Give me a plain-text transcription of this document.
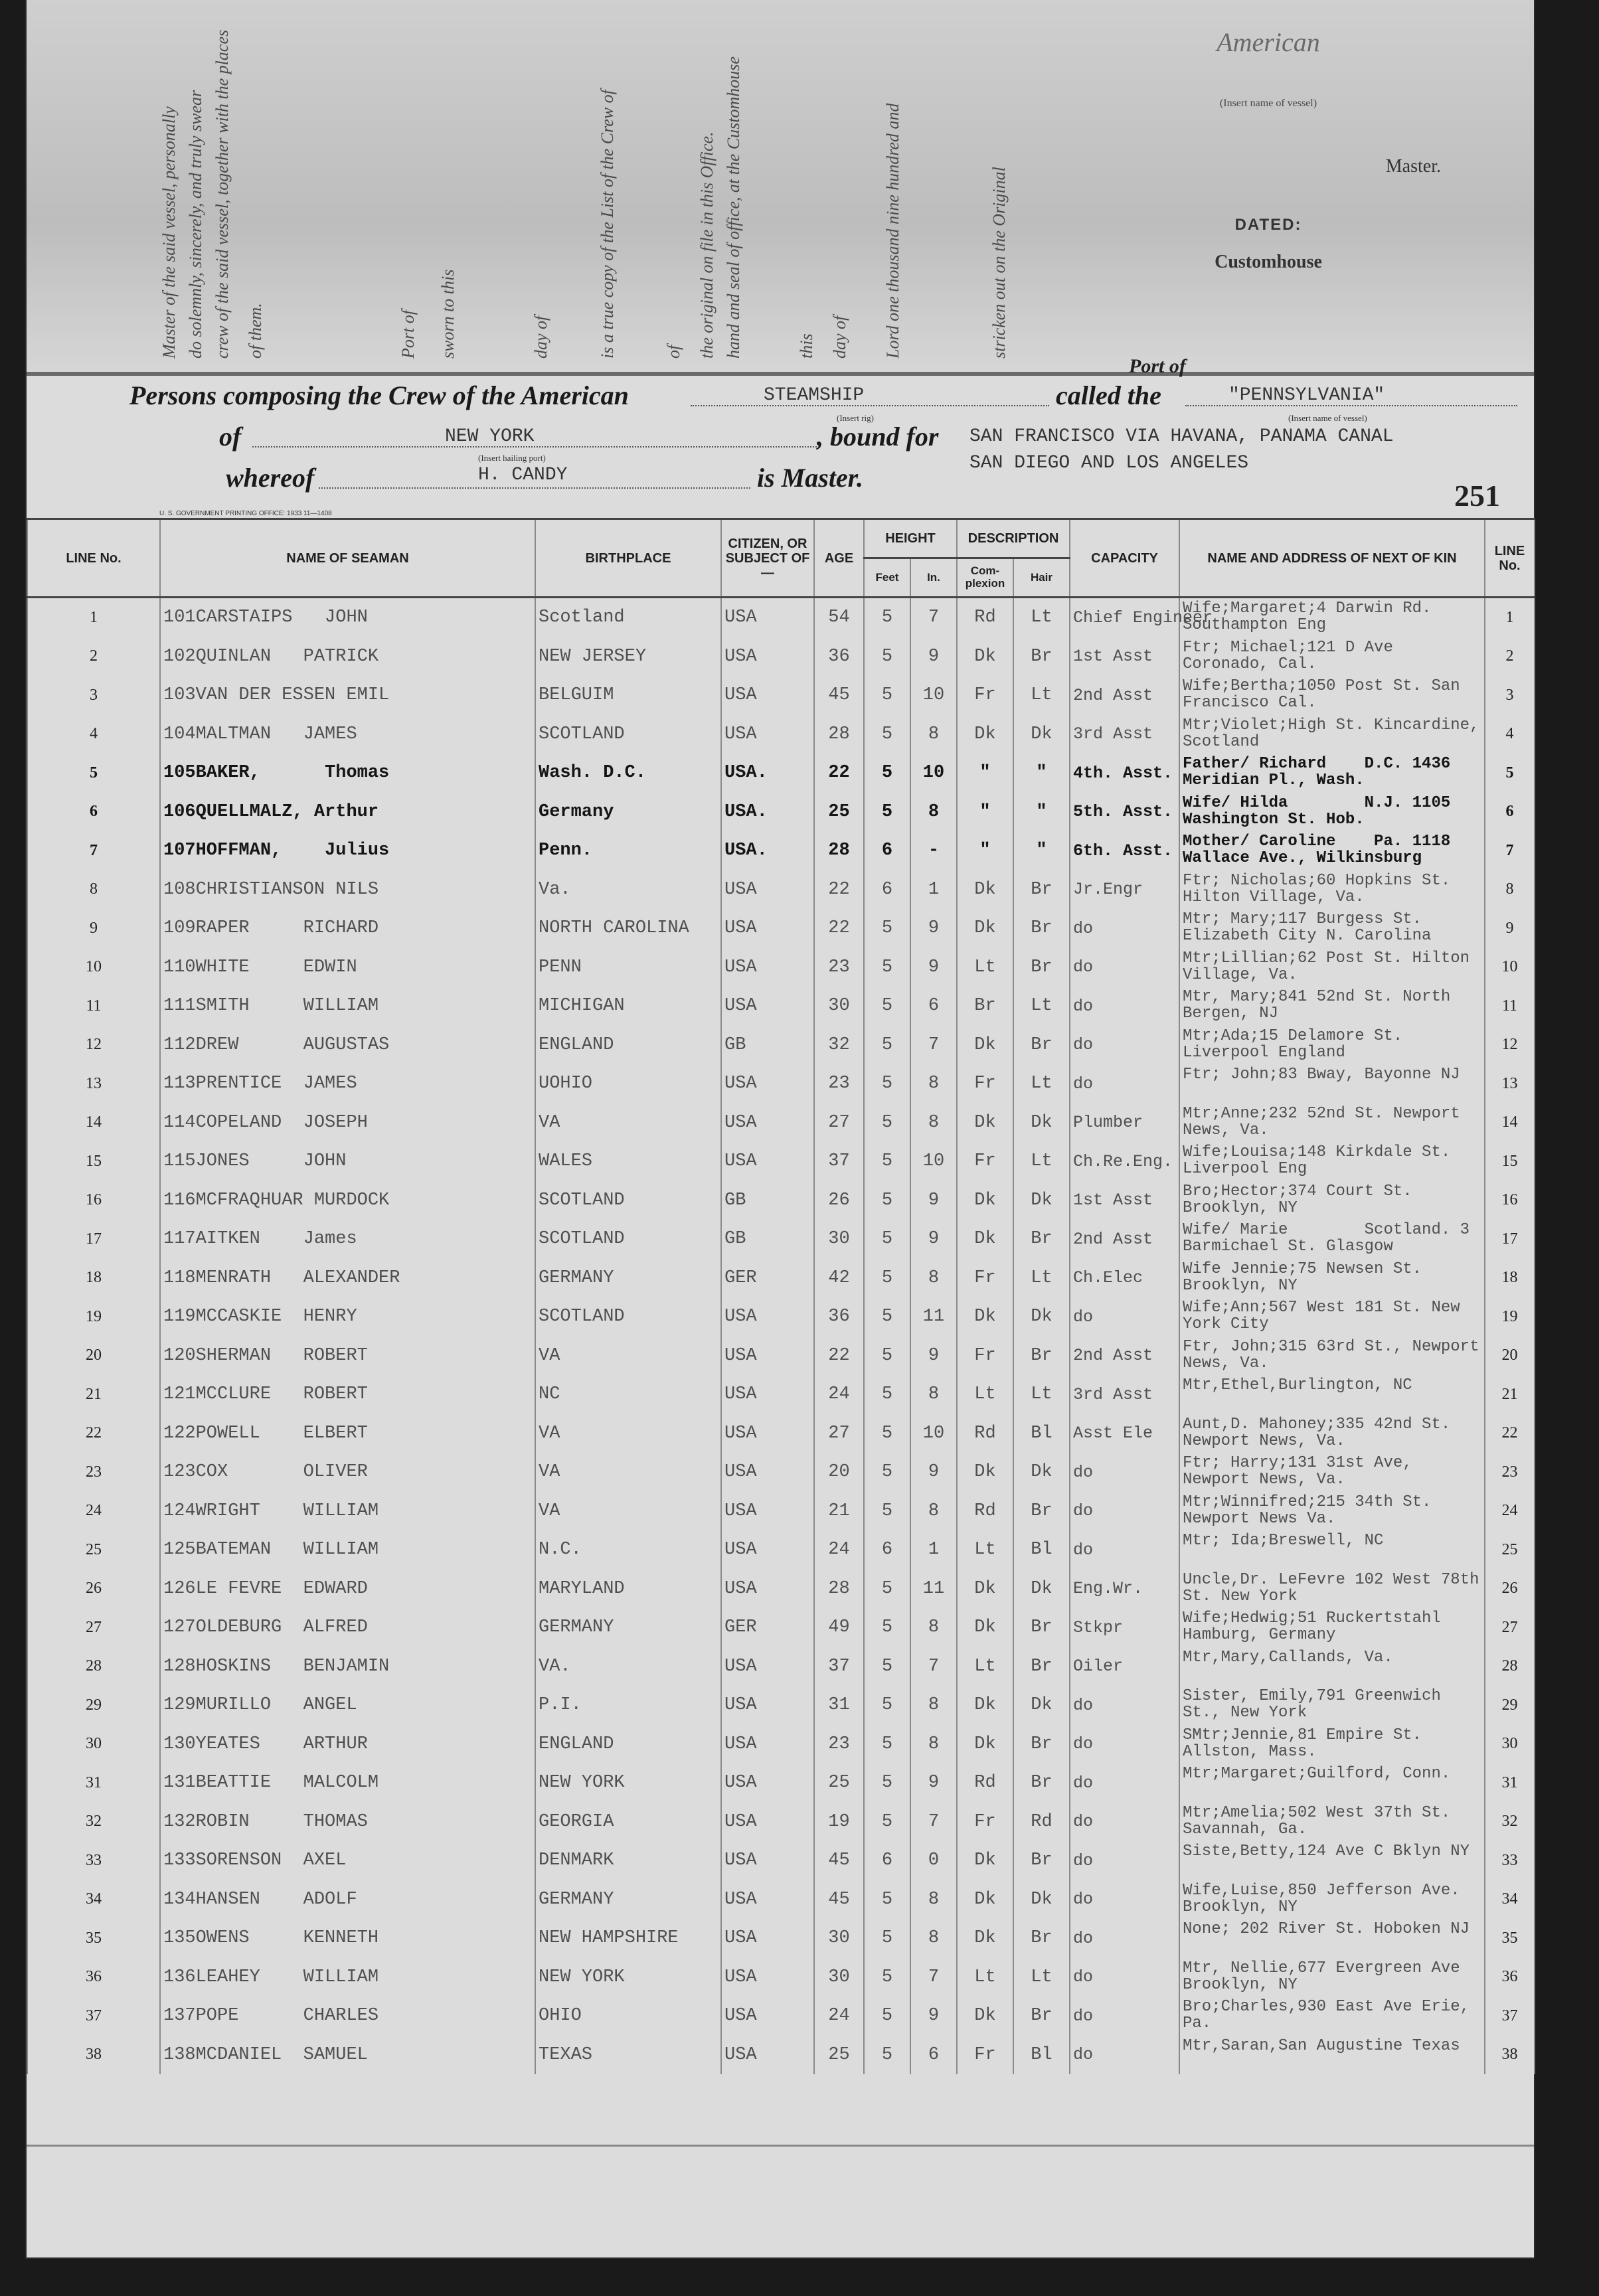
Master of the said vessel, personally do solemnly, sincerely, and truly swear crew of the said vessel, together with the places of them.	Port of sworn to this	day of	is a true copy of the List of the Crew of	of the original on file in this Office. hand and seal of office, at the Customhouse	this day of Lord one thousand nine hundred and	stricken out on the Original
American
(Insert name of vessel)
Master.
DATED:
Customhouse
Port of
Persons composing the Crew of the American	STEAMSHIP
(Insert rig)
called the	"PENNSYLVANIA"
(Insert name of vessel)
of	NEW YORK
(Insert hailing port)
, bound for SAN FRANCISCO VIA HAVANA, PANAMA CANAL
SAN DIEGO AND LOS ANGELES
whereof	H. CANDY	is Master.
251
U. S. GOVERNMENT PRINTING OFFICE: 1933 11—1408
LINE No.	NAME OF SEAMAN	BIRTHPLACE	CITIZEN, OR SUBJECT OF—	AGE	HEIGHT		DESCRIPTION		CAPACITY	NAME AND ADDRESS OF NEXT OF KIN	LINE No.
					Feet	In.	Com-plexion	Hair			
1	101CARSTAIPS   JOHN	Scotland	USA	54	5	7	Rd	Lt	Chief Engineer	Wife;Margaret;4 Darwin Rd. Southampton Eng	1
2	102QUINLAN   PATRICK	NEW JERSEY	USA	36	5	9	Dk	Br	1st Asst	Ftr; Michael;121 D Ave Coronado, Cal.	2
3	103VAN DER ESSEN EMIL	BELGUIM	USA	45	5	10	Fr	Lt	2nd Asst	Wife;Bertha;1050 Post St. San Francisco Cal.	3
4	104MALTMAN   JAMES	SCOTLAND	USA	28	5	8	Dk	Dk	3rd Asst	Mtr;Violet;High St. Kincardine, Scotland	4
5	105BAKER,      Thomas	Wash. D.C.	USA.	22	5	10	"	"	4th. Asst.	Father/ Richard    D.C. 1436 Meridian Pl., Wash.	5
6	106QUELLMALZ, Arthur	Germany	USA.	25	5	8	"	"	5th. Asst.	Wife/ Hilda        N.J. 1105 Washington St. Hob.	6
7	107HOFFMAN,    Julius	Penn.	USA.	28	6	-	"	"	6th. Asst.	Mother/ Caroline    Pa. 1118 Wallace Ave., Wilkinsburg	7
8	108CHRISTIANSON NILS	Va.	USA	22	6	1	Dk	Br	Jr.Engr	Ftr; Nicholas;60 Hopkins St. Hilton Village, Va.	8
9	109RAPER     RICHARD	NORTH CAROLINA	USA	22	5	9	Dk	Br	do	Mtr; Mary;117 Burgess St. Elizabeth City N. Carolina	9
10	110WHITE     EDWIN	PENN	USA	23	5	9	Lt	Br	do	Mtr;Lillian;62 Post St. Hilton Village, Va.	10
11	111SMITH     WILLIAM	MICHIGAN	USA	30	5	6	Br	Lt	do	Mtr, Mary;841 52nd St. North Bergen, NJ	11
12	112DREW      AUGUSTAS	ENGLAND	GB	32	5	7	Dk	Br	do	Mtr;Ada;15 Delamore St. Liverpool England	12
13	113PRENTICE  JAMES	UOHIO	USA	23	5	8	Fr	Lt	do	Ftr; John;83 Bway, Bayonne NJ	13
14	114COPELAND  JOSEPH	VA	USA	27	5	8	Dk	Dk	Plumber	Mtr;Anne;232 52nd St. Newport News, Va.	14
15	115JONES     JOHN	WALES	USA	37	5	10	Fr	Lt	Ch.Re.Eng.	Wife;Louisa;148 Kirkdale St. Liverpool Eng	15
16	116MCFRAQHUAR MURDOCK	SCOTLAND	GB	26	5	9	Dk	Dk	1st Asst	Bro;Hector;374 Court St. Brooklyn, NY	16
17	117AITKEN    James	SCOTLAND	GB	30	5	9	Dk	Br	2nd Asst	Wife/ Marie        Scotland. 3 Barmichael St. Glasgow	17
18	118MENRATH   ALEXANDER	GERMANY	GER	42	5	8	Fr	Lt	Ch.Elec	Wife Jennie;75 Newsen St. Brooklyn, NY	18
19	119MCCASKIE  HENRY	SCOTLAND	USA	36	5	11	Dk	Dk	do	Wife;Ann;567 West 181 St. New York City	19
20	120SHERMAN   ROBERT	VA	USA	22	5	9	Fr	Br	2nd Asst	Ftr, John;315 63rd St., Newport News, Va.	20
21	121MCCLURE   ROBERT	NC	USA	24	5	8	Lt	Lt	3rd Asst	Mtr,Ethel,Burlington, NC	21
22	122POWELL    ELBERT	VA	USA	27	5	10	Rd	Bl	Asst Ele	Aunt,D. Mahoney;335 42nd St. Newport News, Va.	22
23	123COX       OLIVER	VA	USA	20	5	9	Dk	Dk	do	Ftr; Harry;131 31st Ave, Newport News, Va.	23
24	124WRIGHT    WILLIAM	VA	USA	21	5	8	Rd	Br	do	Mtr;Winnifred;215 34th St. Newport News Va.	24
25	125BATEMAN   WILLIAM	N.C.	USA	24	6	1	Lt	Bl	do	Mtr; Ida;Breswell, NC	25
26	126LE FEVRE  EDWARD	MARYLAND	USA	28	5	11	Dk	Dk	Eng.Wr.	Uncle,Dr. LeFevre 102 West 78th St. New York	26
27	127OLDEBURG  ALFRED	GERMANY	GER	49	5	8	Dk	Br	Stkpr	Wife;Hedwig;51 Ruckertstahl Hamburg, Germany	27
28	128HOSKINS   BENJAMIN	VA.	USA	37	5	7	Lt	Br	Oiler	Mtr,Mary,Callands, Va.	28
29	129MURILLO   ANGEL	P.I.	USA	31	5	8	Dk	Dk	do	Sister, Emily,791 Greenwich St., New York	29
30	130YEATES    ARTHUR	ENGLAND	USA	23	5	8	Dk	Br	do	SMtr;Jennie,81 Empire St. Allston, Mass.	30
31	131BEATTIE   MALCOLM	NEW YORK	USA	25	5	9	Rd	Br	do	Mtr;Margaret;Guilford, Conn.	31
32	132ROBIN     THOMAS	GEORGIA	USA	19	5	7	Fr	Rd	do	Mtr;Amelia;502 West 37th St. Savannah, Ga.	32
33	133SORENSON  AXEL	DENMARK	USA	45	6	0	Dk	Br	do	Siste,Betty,124 Ave C Bklyn NY	33
34	134HANSEN    ADOLF	GERMANY	USA	45	5	8	Dk	Dk	do	Wife,Luise,850 Jefferson Ave. Brooklyn, NY	34
35	135OWENS     KENNETH	NEW HAMPSHIRE	USA	30	5	8	Dk	Br	do	None; 202 River St. Hoboken NJ	35
36	136LEAHEY    WILLIAM	NEW YORK	USA	30	5	7	Lt	Lt	do	Mtr, Nellie,677 Evergreen Ave Brooklyn, NY	36
37	137POPE      CHARLES	OHIO	USA	24	5	9	Dk	Br	do	Bro;Charles,930 East Ave Erie, Pa.	37
38	138MCDANIEL  SAMUEL	TEXAS	USA	25	5	6	Fr	Bl	do	Mtr,Saran,San Augustine Texas	38
